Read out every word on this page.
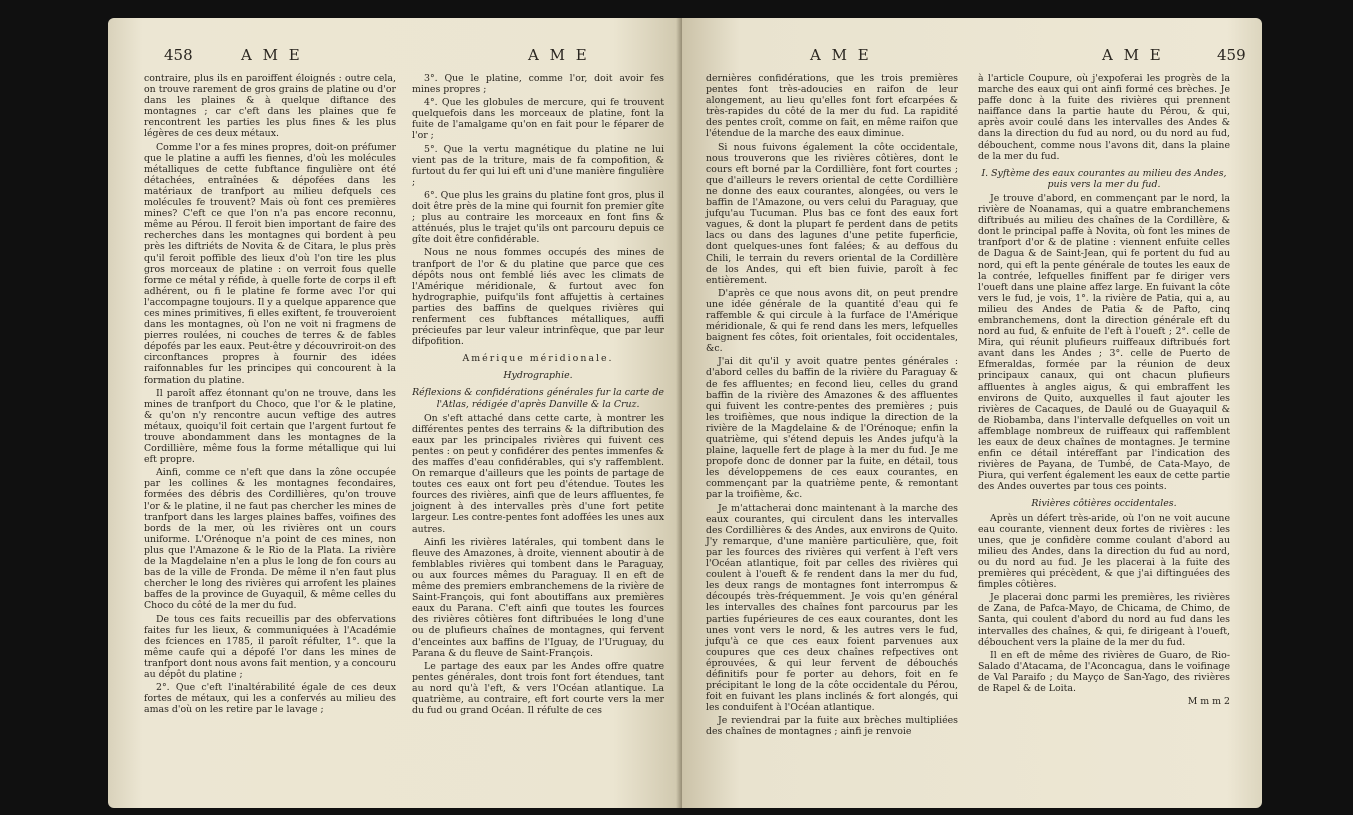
458	A M E	A M E

contraire, plus ils en paroiffent éloignés : outre cela, on trouve rarement de gros grains de platine ou d'or dans les plaines & à quelque diftance des montagnes ; car c'eft dans les plaines que fe rencontrent les parties les plus fines & les plus légères de ces deux métaux.

Comme l'or a fes mines propres, doit-on préfumer que le platine a auffi les fiennes, d'où les molécules métalliques de cette fubftance fingulière ont été détachées, entraînées & dépofées dans les matériaux de tranfport au milieu defquels ces molécules fe trouvent? Mais où font ces premières mines? C'eft ce que l'on n'a pas encore reconnu, même au Pérou. Il feroit bien important de faire des recherches dans les montagnes qui bordent à peu près les diftriéts de Novita & de Citara, le plus près qu'il feroit poffible des lieux d'où l'on tire les plus gros morceaux de platine : on verroit fous quelle forme ce métal y réfide, à quelle forte de corps il eft adhérent, ou fi le platine fe forme avec l'or qui l'accompagne toujours. Il y a quelque apparence que ces mines primitives, fi elles exiftent, fe trouveroient dans les montagnes, où l'on ne voit ni fragmens de pierres roulées, ni couches de terres & de fables dépofés par les eaux. Peut-être y découvriroit-on des circonftances propres à fournir des idées raifonnables fur les principes qui concourent à la formation du platine.

Il paroît affez étonnant qu'on ne trouve, dans les mines de tranfport du Choco, que l'or & le platine, & qu'on n'y rencontre aucun veftige des autres métaux, quoiqu'il foit certain que l'argent furtout fe trouve abondamment dans les montagnes de la Cordillière, même fous la forme métallique qui lui eft propre.

Ainfi, comme ce n'eft que dans la zône occupée par les collines & les montagnes fecondaires, formées des débris des Cordillières, qu'on trouve l'or & le platine, il ne faut pas chercher les mines de tranfport dans les larges plaines baffes, voifines des bords de la mer, où les rivières ont un cours uniforme. L'Orénoque n'a point de ces mines, non plus que l'Amazone & le Rio de la Plata. La rivière de la Magdelaine n'en a plus le long de fon cours au bas de la ville de Fronda. De même il n'en faut plus chercher le long des rivières qui arrofent les plaines baffes de la province de Guyaquil, & même celles du Choco du côté de la mer du fud.

De tous ces faits recueillis par des obfervations faites fur les lieux, & communiquées à l'Académie des fciences en 1785, il paroît réfulter, 1°. que la même caufe qui a dépofé l'or dans les mines de tranfport dont nous avons fait mention, y a concouru au dépôt du platine ;

2°. Que c'eft l'inaltérabilité égale de ces deux fortes de métaux, qui les a confervés au milieu des amas d'où on les retire par le lavage ;

3°. Que le platine, comme l'or, doit avoir fes mines propres ;

4°. Que les globules de mercure, qui fe trouvent quelquefois dans les morceaux de platine, font la fuite de l'amalgame qu'on en fait pour le féparer de l'or ;

5°. Que la vertu magnétique du platine ne lui vient pas de la triture, mais de fa compofition, & furtout du fer qui lui eft uni d'une manière fingulière ;

6°. Que plus les grains du platine font gros, plus il doit être près de la mine qui fournit fon premier gîte ; plus au contraire les morceaux en font fins & atténués, plus le trajet qu'ils ont parcouru depuis ce gîte doit être confidérable.

Nous ne nous fommes occupés des mines de tranfport de l'or & du platine que parce que ces dépôts nous ont femblé liés avec les climats de l'Amérique méridionale, & furtout avec fon hydrographie, puifqu'ils font affujettis à certaines parties des baffins de quelques rivières qui renferment ces fubftances métalliques, auffi précieufes par leur valeur intrinfèque, que par leur difpofition.

Amérique méridionale.
Hydrographie.
Réflexions & confidérations générales fur la carte de l'Atlas, rédigée d'après Danville & la Cruz.

On s'eft attaché dans cette carte, à montrer les différentes pentes des terrains & la diftribution des eaux par les principales rivières qui fuivent ces pentes : on peut y confidérer des pentes immenfes & des maffes d'eau confidérables, qui s'y raffemblent. On remarque d'ailleurs que les points de partage de toutes ces eaux ont fort peu d'étendue. Toutes les fources des rivières, ainfi que de leurs affluentes, fe joignent à des intervalles près d'une fort petite largeur. Les contre-pentes font adoffées les unes aux autres.

Ainfi les rivières latérales, qui tombent dans le fleuve des Amazones, à droite, viennent aboutir à de femblables rivières qui tombent dans le Paraguay, ou aux fources mêmes du Paraguay. Il en eft de même des premiers embranchemens de la rivière de Saint-François, qui font aboutiffans aux premières eaux du Parana. C'eft ainfi que toutes les fources des rivières côtières font diftribuées le long d'une ou de plufieurs chaînes de montagnes, qui fervent d'enceintes aux baffins de l'Iguay, de l'Uruguay, du Parana & du fleuve de Saint-François.

Le partage des eaux par les Andes offre quatre pentes générales, dont trois font fort étendues, tant au nord qu'à l'eft, & vers l'Océan atlantique. La quatrième, au contraire, eft fort courte vers la mer du fud ou grand Océan. Il réfulte de ces

A M E	A M E	459

dernières confidérations, que les trois premières pentes font très-adoucies en raifon de leur alongement, au lieu qu'elles font fort efcarpées & très-rapides du côté de la mer du fud. La rapidité des pentes croît, comme on fait, en même raifon que l'étendue de la marche des eaux diminue.

Si nous fuivons également la côte occidentale, nous trouverons que les rivières côtières, dont le cours eft borné par la Cordillière, font fort courtes ; que d'ailleurs le revers oriental de cette Cordillière ne donne des eaux courantes, alongées, ou vers le baffin de l'Amazone, ou vers celui du Paraguay, que jufqu'au Tucuman. Plus bas ce font des eaux fort vagues, & dont la plupart fe perdent dans de petits lacs ou dans des lagunes d'une petite fuperficie, dont quelques-unes font falées; & au deffous du Chili, le terrain du revers oriental de la Cordillère de los Andes, qui eft bien fuivie, paroît à fec entièrement.

D'après ce que nous avons dit, on peut prendre une idée générale de la quantité d'eau qui fe raffemble & qui circule à la furface de l'Amérique méridionale, & qui fe rend dans les mers, lefquelles baignent fes côtes, foit orientales, foit occidentales, &c.

J'ai dit qu'il y avoit quatre pentes générales : d'abord celles du baffin de la rivière du Paraguay & de fes affluentes; en fecond lieu, celles du grand baffin de la rivière des Amazones & des affluentes qui fuivent les contre-pentes des premières ; puis les troifièmes, que nous indique la direction de la rivière de la Magdelaine & de l'Orénoque; enfin la quatrième, qui s'étend depuis les Andes jufqu'à la plaine, laquelle fert de plage à la mer du fud. Je me propofe donc de donner par la fuite, en détail, tous les développemens de ces eaux courantes, en commençant par la quatrième pente, & remontant par la troifième, &c.

Je m'attacherai donc maintenant à la marche des eaux courantes, qui circulent dans les intervalles des Cordillières & des Andes, aux environs de Quito. J'y remarque, d'une manière particulière, que, foit par les fources des rivières qui verfent à l'eft vers l'Océan atlantique, foit par celles des rivières qui coulent à l'oueft & fe rendent dans la mer du fud, les deux rangs de montagnes font interrompus & découpés très-fréquemment. Je vois qu'en général les intervalles des chaînes font parcourus par les parties fupérieures de ces eaux courantes, dont les unes vont vers le nord, & les autres vers le fud, jufqu'à ce que ces eaux foient parvenues aux coupures que ces deux chaînes refpectives ont éprouvées, & qui leur fervent de débouchés définitifs pour fe porter au dehors, foit en fe précipitant le long de la côte occidentale du Pérou, foit en fuivant les plans inclinés & fort alongés, qui les conduifent à l'Océan atlantique.

Je reviendrai par la fuite aux brèches multipliées des chaînes de montagnes ; ainfi je renvoie

à l'article Coupure, où j'expoferai les progrès de la marche des eaux qui ont ainfi formé ces brèches. Je paffe donc à la fuite des rivières qui prennent naiffance dans la partie haute du Pérou, & qui, après avoir coulé dans les intervalles des Andes & dans la direction du fud au nord, ou du nord au fud, débouchent, comme nous l'avons dit, dans la plaine de la mer du fud.

I. Syftème des eaux courantes au milieu des Andes, puis vers la mer du fud.

Je trouve d'abord, en commençant par le nord, la rivière de Noanamas, qui a quatre embranchemens diftribués au milieu des chaînes de la Cordillère, & dont le principal paffe à Novita, où font les mines de tranfport d'or & de platine : viennent enfuite celles de Dagua & de Saint-Jean, qui fe portent du fud au nord, qui eft la pente générale de toutes les eaux de la contrée, lefquelles finiffent par fe diriger vers l'oueft dans une plaine affez large. En fuivant la côte vers le fud, je vois, 1°. la rivière de Patia, qui a, au milieu des Andes de Patia & de Pafto, cinq embranchemens, dont la direction générale eft du nord au fud, & enfuite de l'eft à l'oueft ; 2°. celle de Mira, qui réunit plufieurs ruiffeaux diftribués fort avant dans les Andes ; 3°. celle de Puerto de Efmeraldas, formée par la réunion de deux principaux canaux, qui ont chacun plufieurs affluentes à angles aigus, & qui embraffent les environs de Quito, auxquelles il faut ajouter les rivières de Cacaques, de Daulé ou de Guayaquil & de Riobamba, dans l'intervalle defquelles on voit un affemblage nombreux de ruiffeaux qui raffemblent les eaux de deux chaînes de montagnes. Je termine enfin ce détail intéreffant par l'indication des rivières de Payana, de Tumbé, de Cata-Mayo, de Piura, qui verfent également les eaux de cette partie des Andes ouvertes par tous ces points.

Rivières côtières occidentales.

Après un défert très-aride, où l'on ne voit aucune eau courante, viennent deux fortes de rivières : les unes, que je confidère comme coulant d'abord au milieu des Andes, dans la direction du fud au nord, ou du nord au fud. Je les placerai à la fuite des premières qui précèdent, & que j'ai diftinguées des fimples côtières.

Je placerai donc parmi les premières, les rivières de Zana, de Pafca-Mayo, de Chicama, de Chimo, de Santa, qui coulent d'abord du nord au fud dans les intervalles des chaînes, & qui, fe dirigeant à l'oueft, débouchent vers la plaine de la mer du fud.

Il en eft de même des rivières de Guaro, de Rio-Salado d'Atacama, de l'Aconcagua, dans le voifinage de Val Paraifo ; du Mayço de San-Yago, des rivières de Rapel & de Loita.

M m m 2
